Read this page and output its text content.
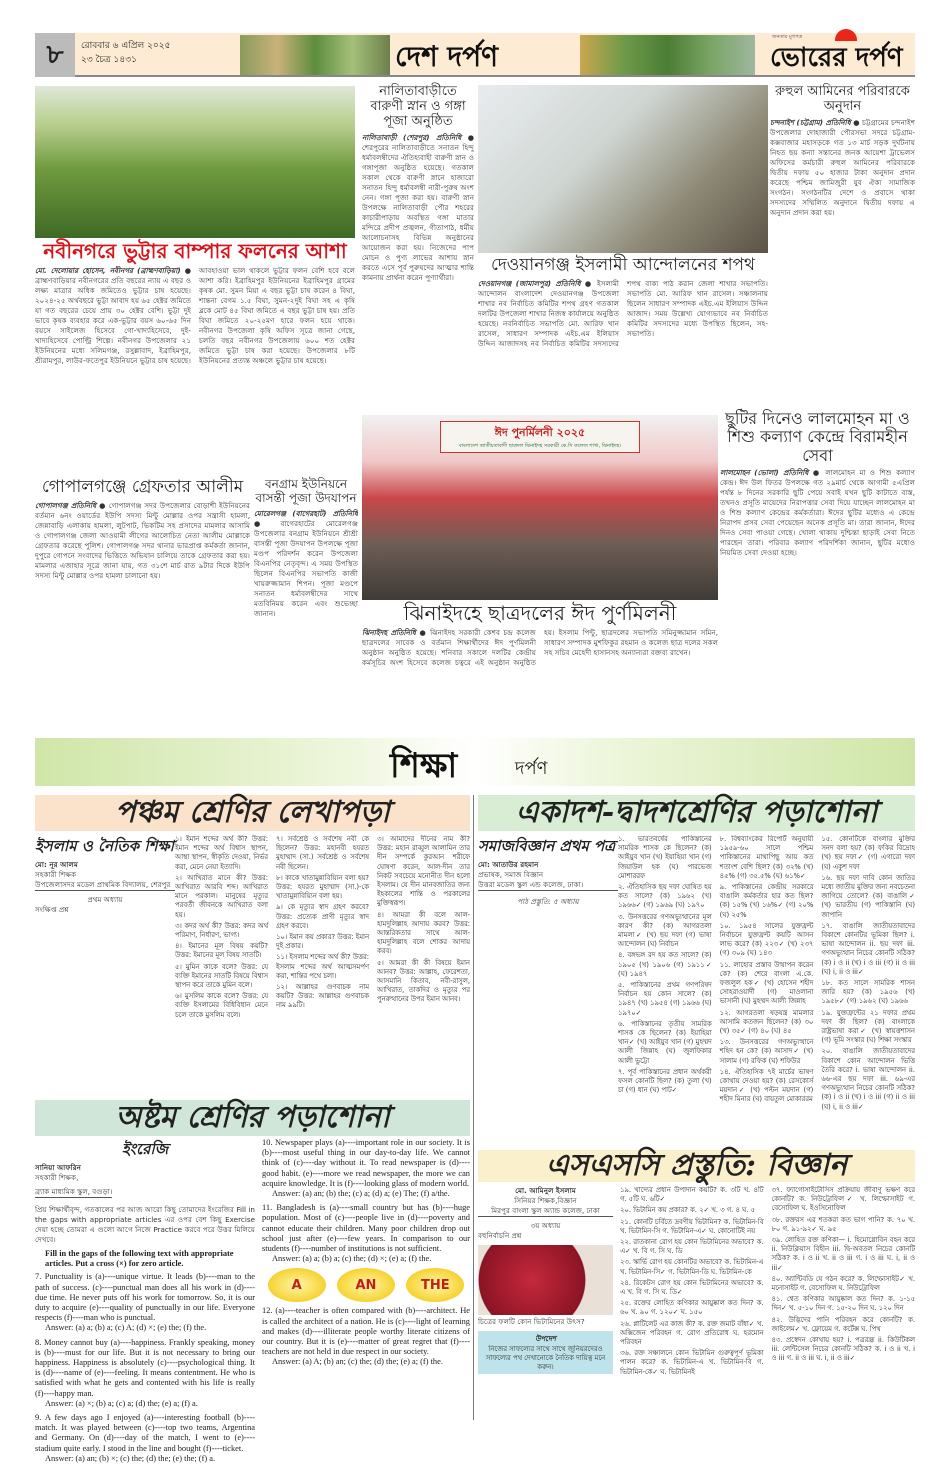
৮	রোববার ৬ এপ্রিল ২০২৫
২৩ চৈত্র ১৪৩১	দেশ দর্পণ
জনতার মুখপত্র
ভোরের দর্পণ
নবীনগরে ভুট্টার বাম্পার ফলনের আশা
মো. দেলোয়ার হোসেন, নবীনগর (ব্রাহ্মণবাড়িয়া) ● ব্রাহ্মণবাড়িয়ার নবীনগরের প্রতি বছরের ন্যায় এ বছর ও লক্ষ্য মাত্রার অধিক জমিতেও ভুট্টার চাষ হয়েছে। ২০২৪-২৫ অর্থবছরে ভুট্টা আবাদ হয় ৬৫ হেক্টর জমিতে যা গত বছরের চেয়ে প্রায় ৩০ হেক্টর বেশি। ভুট্টা দুই ভাবে কৃষক ব্যবহার করে এক-ভুট্টার বয়স ৬০-৬৫ দিন বয়সে সাইলেজ হিসেবে গো-খাদ্যহিসেবে, দুই-খাদ্যহিসেবে পোল্ট্রি শিল্পে। নবীনগর উপজেলার ২১ ইউনিয়নের মধ্যে সলিমগঞ্জ, রসুল্লাবাদ, ইব্রাহিমপুর, শ্রীরামপুর, লাউর-ফতেপুর ইউনিয়নে ভুট্টার চাষ হয়েছে। আবহাওয়া ভাল থাকলে ভুট্টার ফলন বেশি হবে বলে আশা করি। ইব্রাহিমপুর ইউনিয়নের ইব্রাহিমপুর গ্রামের কৃষক মো. সুমন মিয়া এ বছর ভুট্টা চাষ করেন ৪ বিঘা, শান্তনা বেগম ১.৫ বিঘা, সুমন-২দুই বিঘা সহ এ কৃষি ব্লকে মোট ৪৫ বিঘা জমিতে এ বছর ভুট্টা চাষ হয়। প্রতি বিঘা জমিতে ২০-২৫মণ হারে ফলন হয়ে থাকে। নবীনগর উপজেলা কৃষি অফিস সূত্রে জানা গেছে, চলতি বছর নবীনগর উপজেলায় ৬০০ শত হেক্টর জমিতে ভুট্টা চাষ করা হয়েছে। উপজেলার ৮টি ইউনিয়নের প্রত্যন্ত অঞ্চলে ভুট্টার চাষ হয়েছে।
নালিতাবাড়ীতে বারুণী স্নান ও গঙ্গা পূজা অনুষ্ঠিত
নালিতাবাড়ী (শেরপুর) প্রতিনিধি ● শেরপুরের নালিতাবাড়ীতে সনাতন হিন্দু ধর্মাবলম্বীদের ঐতিহ্যবাহী বারুণী স্নান ও গঙ্গাপূজা অনুষ্ঠিত হয়েছে। গতকাল সকাল থেকে বারুণী স্নানে হাজারো সনাতন হিন্দু ধর্মাবলম্বী নারী-পুরুষ অংশ নেন। গঙ্গা পূজা করা হয়। বারুণী স্নান উপলক্ষে নালিতাবাড়ী পৌর শহরের কাচারীপাড়ায় অবস্থিত গঙ্গা মাতার মন্দিরে প্রদীপ প্রজ্বলন, গীতাপাঠ, ধর্মীয় আলোচনাসহ বিভিন্ন অনুষ্ঠানের আয়োজন করা হয়। নিজেদের পাপ মোচন ও পুণ্য লাভের আশায় স্নান করতে এসে পূর্ব পুরুষদের আত্মার শান্তি কামনায় প্রার্থনা করেন পুণ্যার্থীরা।
রুহুল আমিনের পরিবারকে অনুদান
চন্দনাইশ (চট্টগ্রাম) প্রতিনিধি ● চট্টগ্রামের চন্দনাইশ উপজেলার দোহাজারী পৌরসভা সদরে চট্টগ্রাম-কক্সবাজার মহাসড়কে গত ১৩ মার্চ সড়ক দুর্ঘটনায় নিহত ছয় কন্যা সন্তানের জনক আয়েশা ট্রাভেলস অফিসের কর্মচারী রুহুল আমিনের পরিবারকে দ্বিতীয় দফায় ৫০ হাজার টাকা অনুদান প্রদান করেছে পশ্চিম জামিজুরী যুব ঐক্য সামাজিক সংগঠন। সংগঠনটির দেশে ও প্রবাসে থাকা সদস্যদের সম্মিলিত অনুদানে দ্বিতীয় দফায় এ অনুদান প্রদান করা হয়।
দেওয়ানগঞ্জ ইসলামী আন্দোলনের শপথ
দেওয়ানগঞ্জ (জামালপুর) প্রতিনিধি ● ইসলামী আন্দোলন বাংলাদেশ দেওয়ানগঞ্জ উপজেলা শাখার নব নির্বাচিত কমিটির শপথ গ্রহণ গতকাল দলটির উপজেলা শাখার নিজস্ব কার্যালয়ে অনুষ্ঠিত হয়েছে। নবনির্বাচিত সভাপতি মো. আরিফ খান রাসেল, সাধারণ সম্পাদক এইচ.এম ইলিয়াস উদ্দিন আজাদসহ নব নির্বাচিত কমিটির সদস্যদের শপথ বাক্য পাঠ করান জেলা শাখার সভাপতি। সভাপতি মো. আরিফ খান রাসেল। সঞ্চালনায় ছিলেন সাধারণ সম্পাদক এইচ.এম ইলিয়াস উদ্দিন আজাদ। সময় উল্লেখ্য যোগ্যভাবে নব নির্বাচিত কমিটির সদস্যদের মধ্যে উপস্থিত ছিলেন, সহ-সভাপতি।
গোপালগঞ্জে গ্রেফতার আলীম
গোপালগঞ্জ প্রতিনিধি ● গোপালগঞ্জ সদর উপজেলার বোড়াশী ইউনিয়নের বর্তমান ৬নং ওয়ার্ডের ইউপি সদস্য মিন্টু মোল্লার ওপর সন্ত্রাসী হামলা, জেন্নাবাড়ি এলাকায় হামলা, লুটপাট, ভিকটিম সহ প্রসাদের মামলার আসামি ও গোপালগঞ্জ জেলা আওয়ামী লীগের আলোচিত নেতা আলীম মোল্লাকে গ্রেফতার করেছে পুলিশ। গোপালগঞ্জ সদর থানার ভারপ্রাপ্ত কর্মকর্তা জানান, দুপুরে গোপনে সংবাদের ভিত্তিতে অভিযান চালিয়ে তাকে গ্রেফতার করা হয়। মামলার এজাহার সূত্রে জানা যায়, গত ৩১শে মার্চ রাত ৯টার দিকে ইউপি সদস্য মিন্টু মোল্লার ওপর হামলা চালানো হয়।
বনগ্রাম ইউনিয়নে বাসন্তী পূজা উদযাপন
মোরেলগঞ্জ (বাগেরহাট) প্রতিনিধি ● বাগেরহাটের মোরেলগঞ্জ উপজেলার বনগ্রাম ইউনিয়নে শ্রীশ্রী বাসন্তী পূজা উদযাপন উপলক্ষে পূজা মণ্ডপ পরিদর্শন করেন উপজেলা বিএনপির নেতৃবৃন্দ। এ সময় উপস্থিত ছিলেন বিএনপির সভাপতি কাজী খায়রুজ্জামান শিপন। পূজা মণ্ডপে সনাতন ধর্মাবলম্বীদের সাথে মতবিনিময় করেন এবং শুভেচ্ছা জানান।
ঈদ পুনর্মিলনী ২০২৫
বাংলাদেশ জাতীয়তাবাদী ছাত্রদল ঝিনাইদহ সরকারী কে.সি কলেজ শাখা, ঝিনাইদহ।
ছুটির দিনেও লালমোহন মা ও শিশু কল্যাণ কেন্দ্রে বিরামহীন সেবা
লালমোহন (ভোলা) প্রতিনিধি ● লালমোহন মা ও শিশু কল্যাণ কেন্দ্র। ঈদ উল ফিতর উপলক্ষে গত ২৯মার্চ থেকে আগামী ৫এপ্রিল পর্যন্ত ৮ দিনের সরকারি ছুটি পেয়ে সবাই যখন ছুটি কাটাতে ব্যস্ত, তখনও প্রসূতি মায়েদের নিরাপত্তার সেবা দিয়ে যাচ্ছেন লালমোহন মা ও শিশু কল্যাণ কেন্দ্রের কর্মকর্তারা। ঈদের ছুটির মধ্যেও এ কেন্দ্রে নিরাপদ প্রসব সেবা পেয়েছেন অনেক প্রসূতি মা। তারা জানান, ঈদের দিনও সেবা পাওয়া গেছে। খোলা থাকায় দুশ্চিন্তা ছাড়াই সেবা নিতে পারছেন তারা। পরিবার কল্যাণ পরিদর্শিকা জানান, ছুটির মধ্যেও নিয়মিত সেবা দেওয়া হচ্ছে।
ঝিনাইদহে ছাত্রদলের ঈদ পুর্ণমিলনী
ঝিনাইদহ প্রতিনিধি ● ঝিনাইদহ সরকারী কেশব চন্দ্র কলেজ ছাত্রদলের সাবেক ও বর্তমান শিক্ষার্থীদের ঈদ পুর্ণমিলনী অনুষ্ঠান অনুষ্ঠিত হয়েছে। শনিবার সকালে দলটির কেন্দ্রীয় কর্মসূচির অংশ হিসেবে কলেজ চত্বরে এই অনুষ্ঠান অনুষ্ঠিত হয়। ইসলাম পিন্টু, ছাত্রদলের সভাপতি সমিনুজ্জামান সমিন, সাধারণ সম্পাদক মুশফিকুর রহমান ও কলেজ ছাত্র দলের সকল সহ সচিব মেহেদী হাসানসহ অন্যান্যরা বক্তব্য রাখেন।
শিক্ষা	দর্পণ
পঞ্চম শ্রেণির লেখাপড়া
ইসলাম ও নৈতিক শিক্ষা
মো: নূর আলম
সহকারী শিক্ষক
উপজেলাসদর মডেল প্রাথমিক বিদ্যালয়, শেরপুর
প্রথম অধ্যায়
সংক্ষিপ্ত প্রশ্ন
১। ইমান শব্দের অর্থ কী? উত্তর: ইমান শব্দের অর্থ বিশ্বাস স্থাপন, আস্থা স্থাপন, স্বীকৃতি দেওয়া, নির্ভর করা, মেনে নেয়া ইত্যাদি।
২। আখিরাত মানে কী? উত্তর: আখিরাত আরবি শব্দ। আখিরাত মানে পরকাল। মানুষের মৃত্যুর পরবর্তী জীবনকে আখিরাত বলা হয়।
৩। কদর অর্থ কী? উত্তর: কদর অর্থ পরিমাণ, নির্ধারণ, ভাগ্য।
৪। ইমানের মূল বিষয় কয়টি? উত্তর: ইমানের মূল বিষয় সাতটি।
৫। মুমিন কাকে বলে? উত্তর: যে ব্যক্তি ইমানের সাতটি বিষয়ে বিশ্বাস স্থাপন করে তাকে মুমিন বলে।
৬। মুসলিম কাকে বলে? উত্তর: যে ব্যক্তি ইসলামের বিধিবিধান মেনে চলে তাকে মুসলিম বলে।
৭। সর্বশ্রেষ্ঠ ও সর্বশেষ নবী কে ছিলেন? উত্তর: মহানবী হযরত মুহাম্মাদ (সা.) সর্বশ্রেষ্ঠ ও সর্বশেষ নবী ছিলেন।
৮। কাকে খাতামুন্নাবিয়্যিন বলা হয়? উত্তর: হযরত মুহাম্মাদ (সা.)-কে খাতামুন্নাবিয়্যিন বলা হয়।
৯। কে মৃত্যুর স্বাদ গ্রহণ করবে? উত্তর: প্রত্যেক প্রাণী মৃত্যুর স্বাদ গ্রহণ করবে।
১০। ইমান কয় প্রকার? উত্তর: ইমান দুই প্রকার।
১১। ইসলাম শব্দের অর্থ কী? উত্তর: ইসলাম শব্দের অর্থ আত্মসমর্পণ করা, শান্তির পথে চলা।
১২। আল্লাহর গুণবাচক নাম কয়টি? উত্তর: আল্লাহর গুণবাচক নাম ৯৯টি।
৩। আমাদের দীনের নাম কী? উত্তর: মহান রাব্বুল আলামিন তার দীন সম্পর্কে কুরআন শরীফে ঘোষণা করেন, আল-দীন তার নিকট সবচেয়ে মনোনীত দীন হলো ইসলাম। যে দীন মানবজাতির জন্য ইহকালের শান্তি ও পরকালের মুক্তিস্বরূপ।
৪। আমরা কী বলে আল-হামদুলিল্লাহ আদায় করব? উত্তর: আন্তরিকতার সাথে আল-হামদুলিল্লাহ বলে শোকর আদায় করব।
৫। আমরা কী কী বিষয়ে ইমান আনব? উত্তর: আল্লাহ, ফেরেশতা, আসমানি কিতাব, নবী-রাসুল, আখিরাত, তাকদির ও মৃত্যুর পর পুনরুত্থানের উপর ইমান আনব।
একাদশ-দ্বাদশশ্রেণির পড়াশোনা
সমাজবিজ্ঞান প্রথম পত্র
মো: আতাউর রহমান
প্রভাষক, সমাজ বিজ্ঞান
উত্তরা মডেল স্কুল এন্ড কলেজ, ঢাকা।
পাঠ প্রস্তুতি: ৫ অধ্যায়
১. ভারতবর্ষের পাকিস্তানের সামরিক শাসক কে ছিলেন? (ক) আইয়ুব খান (খ) ইয়াহিয়া খান (গ) জিয়াউল হক (ঘ) পারভেজ মোশাররফ
২. ঐতিহাসিক ছয় দফা ঘোষিত হয় কত সালে? (ক) ১৯৬২ (খ) ১৯৬৬✓ (গ) ১৯৬৯ (ঘ) ১৯৭০
৩. উনসত্তরের গণঅভ্যুত্থানের মূল কারণ কী? (ক) আগরতলা মামলা✓ (খ) ছয় দফা (গ) ভাষা আন্দোলন (ঘ) নির্বাচন
৪. বঙ্গভঙ্গ রদ হয় কত সালে? (ক) ১৯০৫ (খ) ১৯০৬ (গ) ১৯১১✓ (ঘ) ১৯৪৭
৫. পাকিস্তানের প্রথম গণপরিষদ নির্বাচন হয় কোন সালে? (ক) ১৯৪৭ (খ) ১৯৫৪ (গ) ১৯৬৬ (ঘ) ১৯৭০✓
৬. পাকিস্তানের তৃতীয় সামরিক শাসক কে ছিলেন? (ক) ইয়াহিয়া খান✓ (খ) আইয়ুব খান (গ) মুহম্মদ আলী জিন্নাহ (ঘ) জুলফিকার আলী ভুট্টো
৭. পূর্ব পাকিস্তানের প্রধান অর্থকরী ফসল কোনটি ছিল? (ক) তুলা (খ) চা (গ) ধান (ঘ) পাট✓
৮. বিশ্বব্যাংকের রিপোর্ট অনুযায়ী ১৯৫৯-৬০ সালে পশ্চিম পাকিস্তানের মাথাপিছু আয় কত শতাংশ বেশি ছিল? (ক) ৩২% (খ) ৪৫% (গ) ৩৫.৫% (ঘ) ৬১%✓
৯. পাকিস্তানের কেন্দ্রীয় সরকারে বাঙালি কর্মকর্তার হার কত ছিল? (ক) ১৫% (খ) ১৬%✓ (গ) ২০% (ঘ) ২৫%
১০. ১৯৫৪ সালের যুক্তফ্রন্ট নির্বাচনে যুক্তফ্রন্ট কয়টি আসন লাভ করে? (ক) ২২৩✓ (খ) ২৩৭ (গ) ৩০৯ (ঘ) ১৪৩
১১. লাহোর প্রস্তাব উত্থাপন করেন কে? (ক) শেরে বাংলা এ.কে. ফজলুল হক✓ (খ) হোসেন শহীদ সোহরাওয়ার্দী (গ) মাওলানা ভাসানী (ঘ) মুহম্মদ আলী জিন্নাহ
১২. আগরতলা ষড়যন্ত্র মামলার আসামি কতজন ছিলেন? (ক) ৩০ (খ) ৩৫✓ (গ) ৪০ (ঘ) ৪৫
১৩. উনসত্তরের গণঅভ্যুত্থানে শহিদ হন কে? (ক) আসাদ✓ (খ) সালাম (গ) রফিক (ঘ) শফিউর
১৪. ঐতিহাসিক ৭ই মার্চের ভাষণ কোথায় দেওয়া হয়? (ক) রেসকোর্স ময়দান✓ (খ) পল্টন ময়দান (গ) শহীদ মিনার (ঘ) বায়তুল মোকাররম
১৫. কোনটিকে বাংলার মুক্তির সনদ বলা হয়? (ক) ফকির বিদ্রোহ (খ) ছয় দফা✓ (গ) এগারো দফা (ঘ) একুশ দফা
১৬. ছয় দফা দাবি কোন জাতির মধ্যে জাতীয় মুক্তির জন্য নবচেতনা জাগিয়ে তোলে? (ক) বাঙালি✓ (খ) ভারতীয় (গ) পাকিস্তানি (ঘ) জাপানি
১৭. বাঙালি জাতীয়তাবাদের বিকাশে কোনটির ভূমিকা ছিল? i. ভাষা আন্দোলন ii. ছয় দফা iii. গণঅভ্যুত্থান নিচের কোনটি সঠিক? (ক) i ও ii (খ) i ও iii (গ) ii ও iii (ঘ) i, ii ও iii✓
১৮. কত সালে সামরিক শাসন জারি হয়? (ক) ১৯৫৬ (খ) ১৯৫৮✓ (গ) ১৯৬২ (ঘ) ১৯৬৬
১৯. যুক্তফ্রন্টের ২১ দফার প্রথম দফা কী ছিল? (ক) বাংলাকে রাষ্ট্রভাষা করা✓ (খ) স্বায়ত্তশাসন (গ) ভূমি সংস্কার (ঘ) শিক্ষা সংস্কার
২০. বাঙালি জাতীয়তাবাদের বিকাশে কোন আন্দোলন ভিত্তি তৈরি করে? i. ভাষা আন্দোলন ii. ৬৬-এর ছয় দফা iii. ৬৯-এর গণঅভ্যুত্থান নিচের কোনটি সঠিক? (ক) i ও ii (খ) i ও iii (গ) ii ও iii (ঘ) i, ii ও iii✓
অষ্টম শ্রেণির পড়াশোনা
ইংরেজি
সানিয়া আফরিন
সহকারী শিক্ষক,
ব্র্যাক মাধ্যমিক স্কুল, বগুড়া।
প্রিয় শিক্ষার্থীবৃন্দ, গতকালের পর আজ আরো কিছু তোমাদের ইংরেজির Fill in the gaps with appropriate articles এর ওপর বেশ কিছু Exercise দেয়া হচ্ছে তোমরা এ গুলো আগে নিজে Practice করবে পরে উত্তর মিলিয়ে দেখবে।
Fill in the gaps of the following text with appropriate articles. Put a cross (×) for zero article.
7. Punctuality is (a)----unique virtue. It leads (b)----man to the path of success. (c)----punctual man does all his work in (d)----due time. He never puts off his work for tomorrow. So, it is our duty to acquire (e)----quality of punctually in our life. Everyone respects (f)----man who is punctual.
Answer: (a) a; (b) a; (c) A; (d) ×; (e) the; (f) the.
8. Money cannot buy (a)----happiness. Frankly speaking, money is (b)----must for our life. But it is not necessary to bring our happiness. Happiness is absolutely (c)----psychological thing. It is (d)----name of (e)----feeling. It means contentment. He who is satisfied with what he gets and contented with his life is really (f)----happy man.
Answer: (a) ×; (b) a; (c) a; (d) the; (e) a; (f) a.
9. A few days ago I enjoyed (a)----interesting football (b)----match. It was played between (c)----top two teams, Argentina and Germany. On (d)----day of the match, I went to (e)----stadium quite early. I stood in the line and bought (f)----ticket.
Answer: (a) an; (b) ×; (c) the; (d) the; (e) the; (f) a.
10. Newspaper plays (a)----important role in our society. It is (b)----most useful thing in our day-to-day life. We cannot think of (c)----day without it. To read newspaper is (d)----good habit. (e)----more we read newspaper, the more we can acquire knowledge. It is (f)----looking glass of modern world.
Answer: (a) an; (b) the; (c) a; (d) a; (e) The; (f) a/the.
11. Bangladesh is (a)----small country but has (b)----huge population. Most of (c)----people live in (d)----poverty and cannot educate their children. Many poor children drop out school just after (e)----few years. In comparison to our students (f)----number of institutions is not sufficient.
Answer: (a) a; (b) a; (c) the; (d) ×; (e) a; (f) the.
A	AN	THE
12. (a)----teacher is often compared with (b)----architect. He is called the architect of a nation. He is (c)----light of learning and makes (d)----illiterate people worthy literate citizens of our country. But it is (e)----matter of great regret that (f)----teachers are not held in due respect in our society.
Answer: (a) A; (b) an; (c) the; (d) the; (e) a; (f) the.
এসএসসি প্রস্তুতি: বিজ্ঞান
মো. আমিনুল ইসলাম
সিনিয়র শিক্ষক,বিজ্ঞান
মিরপুর বাংলা স্কুল অ্যান্ড কলেজ, ঢাকা
৩য় অধ্যায়
বহুনির্বাচনি প্রশ্ন
চিত্রের ফলটি কোন ভিটামিনের উৎস?
উপদেশ
নিজের সাফল্যের সাথে সাথে জুনিয়রদেরও সাফল্যের পথ দেখানোকে নৈতিক দায়িত্ব মনে করুন।
১৯. খাদ্যের প্রধান উপাদান কয়টি? ক. ৩টি খ. ৪টি গ. ৫টি ঘ. ৬টি✓
২০. ভিটামিন কয় প্রকার? ক. ২✓ খ. ৩ গ. ৪ ঘ. ৫
২১. কোনটি চর্বিতে দ্রবণীয় ভিটামিন? ক. ভিটামিন-বি খ. ভিটামিন-সি গ. ভিটামিন-এ✓ ঘ. কোনোটিই নয়
২২. রাতকানা রোগ হয় কোন ভিটামিনের অভাবে? ক. এ✓ খ. বি গ. সি ঘ. ডি
২৩. স্কার্ভি রোগ হয় কোনটির অভাবে? ক. ভিটামিন-এ খ. ভিটামিন-সি✓ গ. ভিটামিন-ডি ঘ. ভিটামিন-কে
২৪. রিকেটস রোগ হয় কোন ভিটামিনের অভাবে? ক. এ খ. বি গ. সি ঘ. ডি✓
২৫. রক্তের লোহিত কণিকার আয়ুষ্কাল কত দিন? ক. ৬০ খ. ৯০ গ. ১২০✓ ঘ. ১৫০
২৬. প্লাটিলেট এর কাজ কী? ক. রক্ত জমাট বাঁধা✓ খ. অক্সিজেন পরিবহন গ. রোগ প্রতিরোধ ঘ. হরমোন পরিবহন
৩৬. রক্ত সঞ্চালনে কোন ভিটামিন গুরুত্বপূর্ণ ভূমিকা পালন করে? ক. ভিটামিন-এ খ. ভিটামিন-বি গ. ভিটামিন-কে✓ ঘ. ভিটামিনই
৩৭. ফ্যাগোসাইটোসিস প্রক্রিয়ায় জীবাণু ভক্ষণ করে কোনটি? ক. নিউট্রোফিল✓ খ. লিম্ফোসাইট গ. বেসোফিল ঘ. ইওসিনোফিল
৩৮. রক্তরস এর শতকরা কত ভাগ পানি? ক. ৭০ খ. ৮০ গ. ৯১-৯২✓ ঘ. ৯৫
৩৯. লোহিত রক্ত কণিকা— i. হিমোগ্লোবিন বহন করে ii. নিউক্লিয়াস বিহীন iii. দ্বি-অবতল নিচের কোনটি সঠিক? ক. i ও ii খ. ii ও iii গ. i ও iii ঘ. i, ii ও iii✓
৪০. অ্যান্টিবডি যে গঠন করে? ক. লিম্ফোসাইট✓ খ. মনোসাইট গ. বেসোফিল ঘ. নিউট্রোফিল
৪১. শ্বেত কণিকার আয়ুষ্কাল কত দিন? ক. ১-১৫ দিন✓ খ. ৫-১০ দিন গ. ১৫-২০ দিন ঘ. ১২০ দিন
৪২. উদ্ভিদের পানি পরিবহন করে কোনটি? ক. জাইলেম✓ খ. ফ্লোয়েম গ. কর্টেক্স ঘ. পিথ
৪৩. প্রস্বেদন কোথায় হয়? i. পত্ররন্ধ্র ii. কিউটিকল iii. লেন্টিসেল নিচের কোনটি সঠিক? ক. i ও ii খ. i ও iii গ. ii ও iii ঘ. i, ii ও iii✓
